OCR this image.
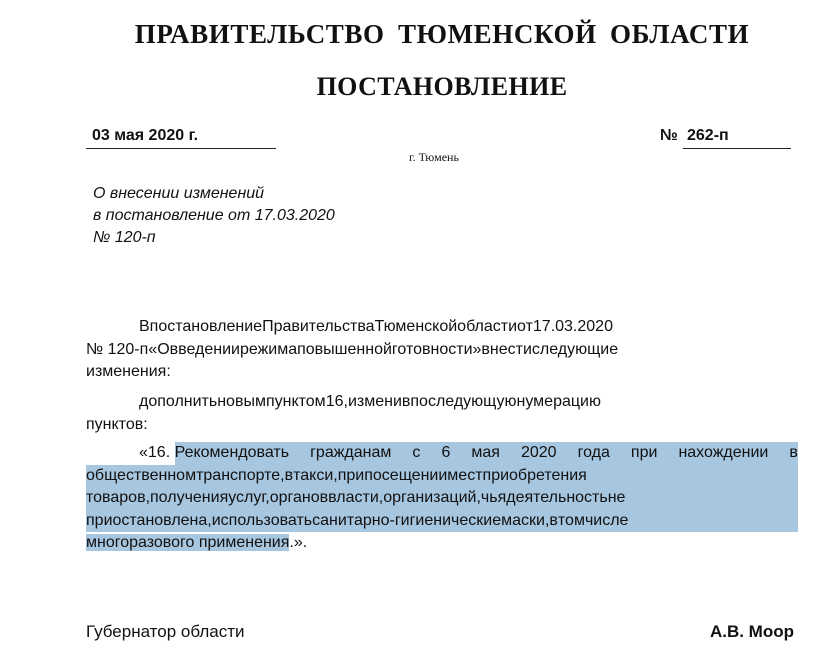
ПРАВИТЕЛЬСТВО ТЮМЕНСКОЙ ОБЛАСТИ
ПОСТАНОВЛЕНИЕ
03 мая 2020 г.	№ 262-п
г. Тюмень
О внесении изменений
в постановление от 17.03.2020
№ 120-п
ВпостановлениеПравительстваТюменскойобластиот17.03.2020
№ 120-п«Овведениирежимаповышеннойготовности»внестиследующие
изменения:
дополнитьновымпунктом16,изменивпоследующуюнумерацию
пунктов:
«16. Рекомендовать гражданам с 6 мая 2020 года при нахождении в
общественномтранспорте,втакси,припосещенииместприобретения
товаров,полученияуслуг,органоввласти,организаций,чьядеятельностьне
приостановлена,использоватьсанитарно-гигиеническиемаски,втомчисле
многоразового применения.».
Губернатор области	А.В. Моор
